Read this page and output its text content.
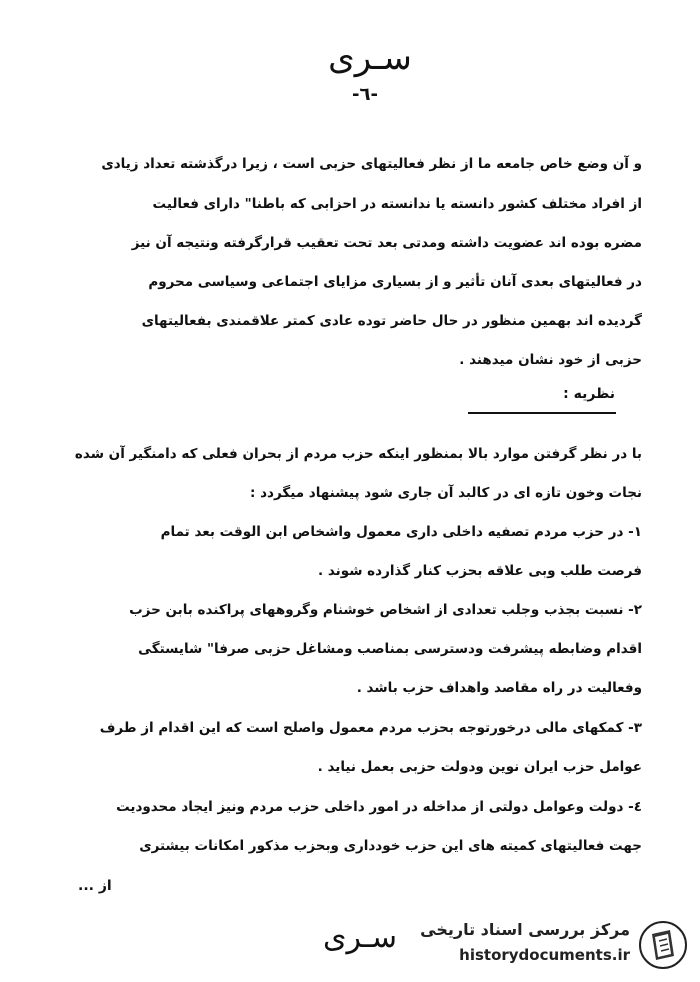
سـری
-٦-
و آن وضع خاص جامعه ما از نظر فعالیتهای حزبی است ، زیرا درگذشته تعداد زیادی
از افراد مختلف کشور دانسته یا ندانسته در احزابی که باطنا" دارای فعالیت
مضره بوده اند عضویت داشته ومدتی بعد تحت تعقیب قرارگرفته ونتیجه آن نیز
در فعالیتهای بعدی آنان تأثیر و از بسیاری مزایای اجتماعی وسیاسی محروم
گردیده اند بهمین منظور در حال حاضر توده عادی کمتر علاقمندی بفعالیتهای
حزبی از خود نشان میدهند .
نظریه :
با در نظر گرفتن موارد بالا بمنظور اینکه حزب مردم از بحران فعلی که دامنگیر آن شده
نجات وخون تازه ای در کالبد آن جاری شود پیشنهاد میگردد :
١- در حزب مردم تصفیه داخلی داری معمول واشخاص ابن الوقت بعد تمام
فرصت طلب وبی علاقه بحزب کنار گذارده شوند .
٢- نسبت بجذب وجلب تعدادی از اشخاص خوشنام وگروههای پراکنده بابن حزب
اقدام وضابطه پیشرفت ودسترسی بمناصب ومشاغل حزبی صرفا" شایستگی
وفعالیت در راه مقاصد واهداف حزب باشد .
٣- کمکهای مالی درخورتوجه بحزب مردم معمول واصلح است که این اقدام از طرف
عوامل حزب ایران نوین ودولت حزبی بعمل نیاید .
٤- دولت وعوامل دولتی از مداخله در امور داخلی حزب مردم ونیز ایجاد محدودیت
جهت فعالیتهای کمیته های این حزب خودداری وبحزب مذکور امکانات بیشتری
از ...
سـری	مرکز بررسی اسناد تاریخی
historydocuments.ir
